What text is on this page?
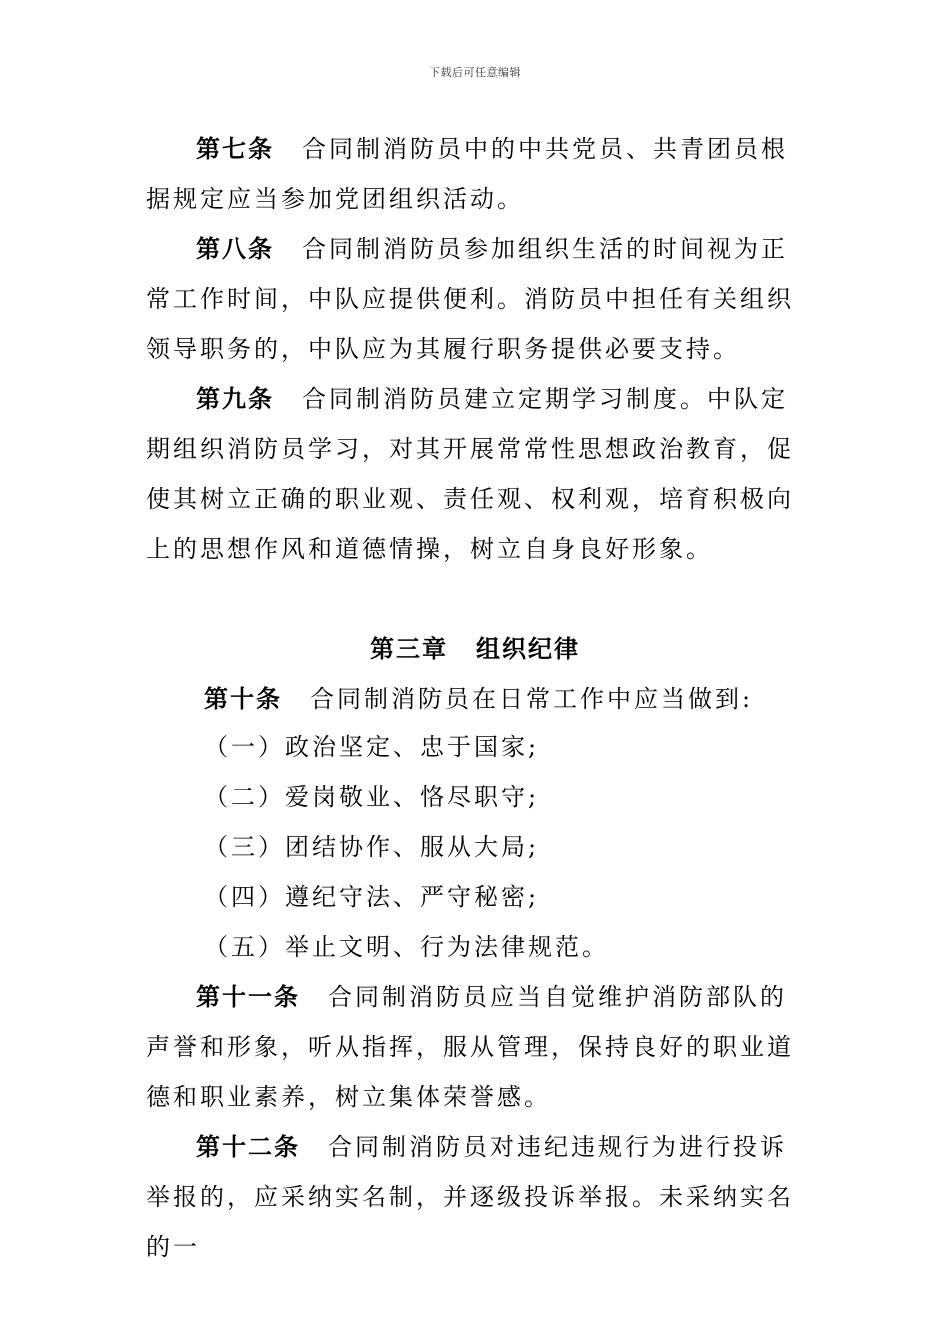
下载后可任意编辑

第七条 合同制消防员中的中共党员、共青团员根据规定应当参加党团组织活动。

第八条 合同制消防员参加组织生活的时间视为正常工作时间，中队应提供便利。消防员中担任有关组织领导职务的，中队应为其履行职务提供必要支持。

第九条 合同制消防员建立定期学习制度。中队定期组织消防员学习，对其开展常常性思想政治教育，促使其树立正确的职业观、责任观、权利观，培育积极向上的思想作风和道德情操，树立自身良好形象。

第三章 组织纪律

第十条 合同制消防员在日常工作中应当做到:

（一）政治坚定、忠于国家;
（二）爱岗敬业、恪尽职守;
（三）团结协作、服从大局;
（四）遵纪守法、严守秘密;
（五）举止文明、行为法律规范。

第十一条 合同制消防员应当自觉维护消防部队的声誉和形象，听从指挥，服从管理，保持良好的职业道德和职业素养，树立集体荣誉感。

第十二条 合同制消防员对违纪违规行为进行投诉举报的，应采纳实名制，并逐级投诉举报。未采纳实名的一
